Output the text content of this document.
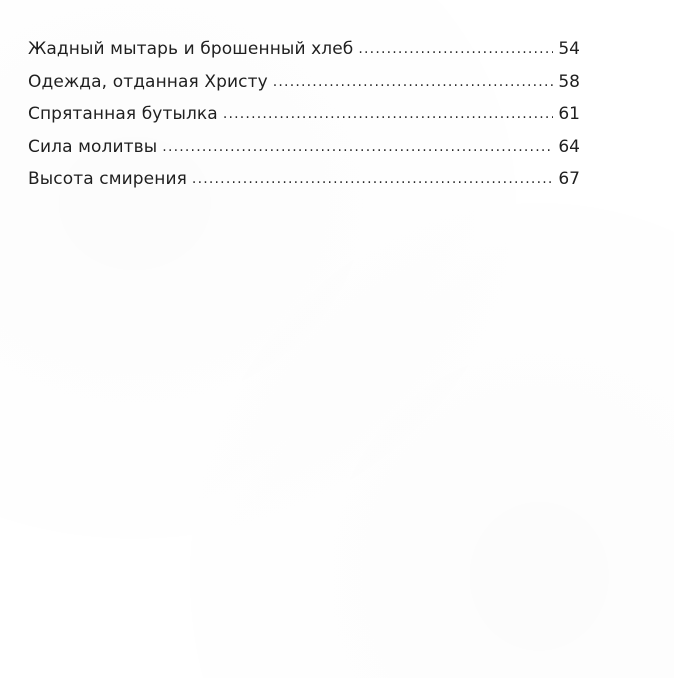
Жадный мытарь и брошенный хлеб .....	54
Одежда, отданная Христу .....	58
Спрятанная бутылка .....	61
Сила молитвы .....	64
Высота смирения .....	67
